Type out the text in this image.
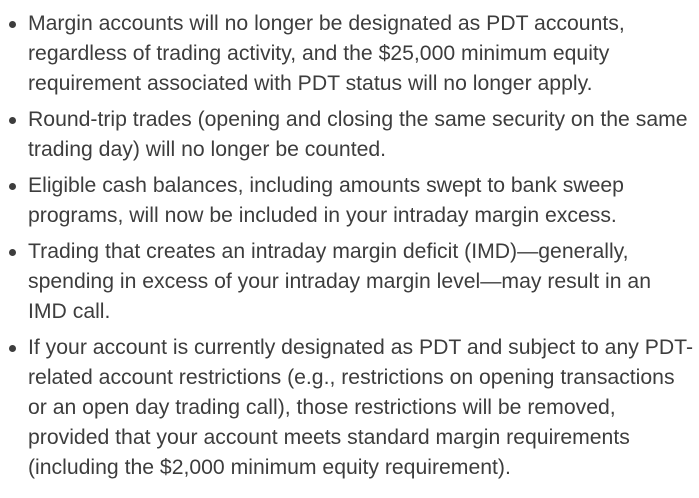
Margin accounts will no longer be designated as PDT accounts, regardless of trading activity, and the $25,000 minimum equity requirement associated with PDT status will no longer apply.
Round-trip trades (opening and closing the same security on the same trading day) will no longer be counted.
Eligible cash balances, including amounts swept to bank sweep programs, will now be included in your intraday margin excess.
Trading that creates an intraday margin deficit (IMD)—generally, spending in excess of your intraday margin level—may result in an IMD call.
If your account is currently designated as PDT and subject to any PDT-related account restrictions (e.g., restrictions on opening transactions or an open day trading call), those restrictions will be removed, provided that your account meets standard margin requirements (including the $2,000 minimum equity requirement).
